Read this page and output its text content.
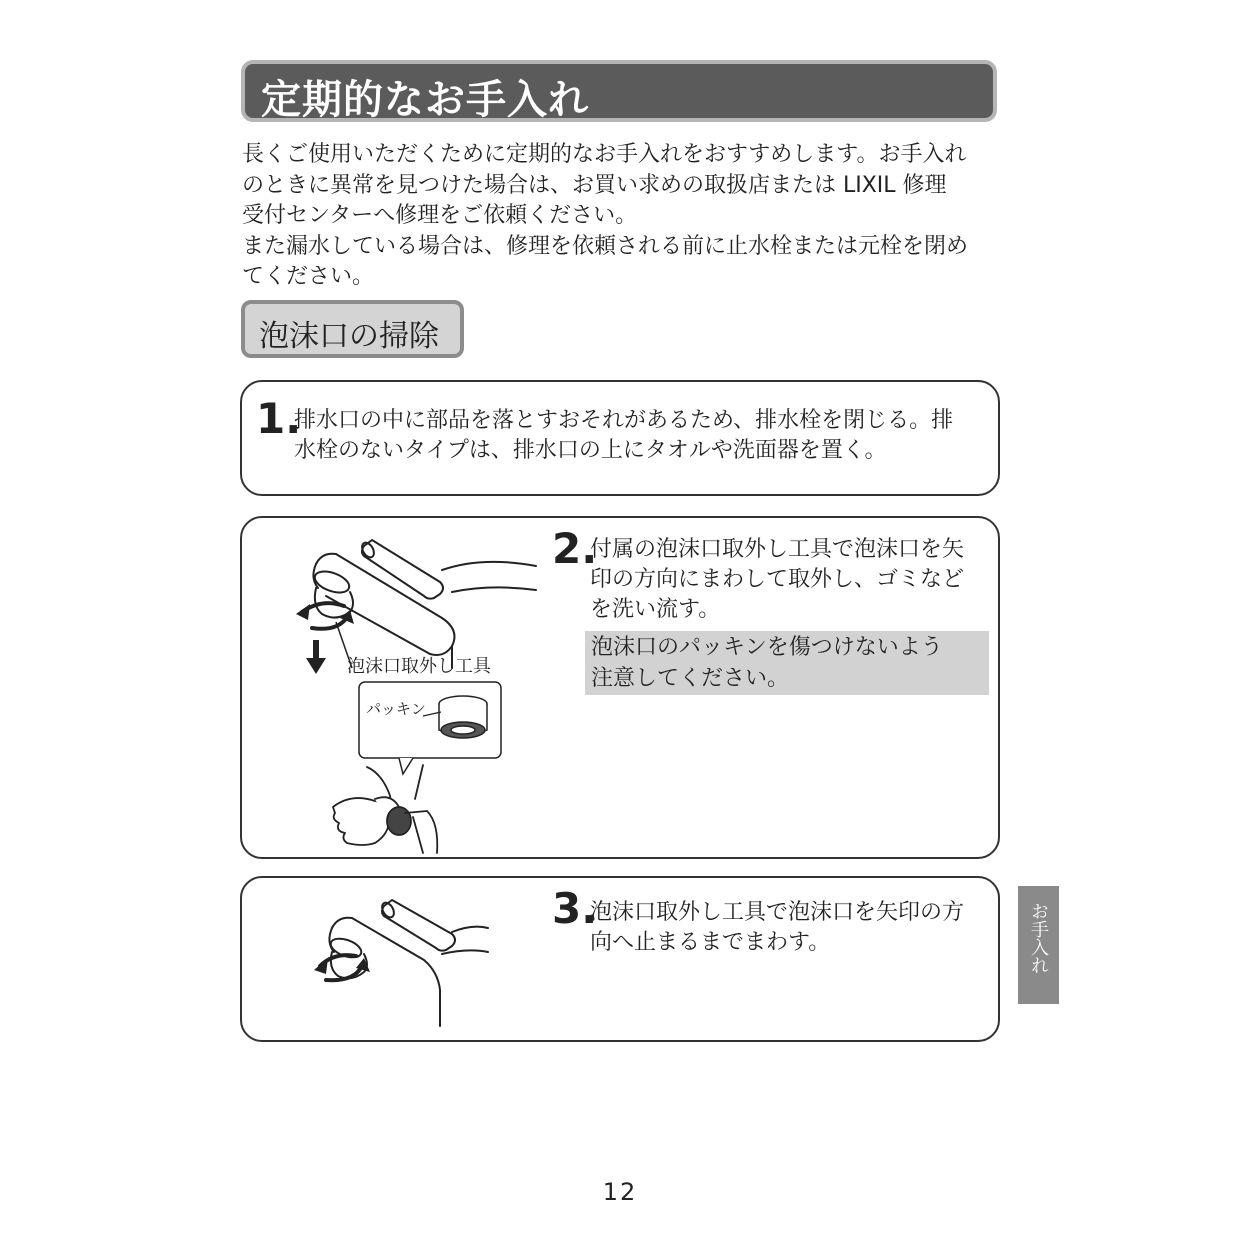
定期的なお手入れ

長くご使用いただくために定期的なお手入れをおすすめします。お手入れ

のときに異常を見つけた場合は、お買い求めの取扱店または LIXIL 修理

受付センターへ修理をご依頼ください。

また漏水している場合は、修理を依頼される前に止水栓または元栓を閉め

てください。

泡沫口の掃除
1.
排水口の中に部品を落とすおそれがあるため、排水栓を閉じる。排
水栓のないタイプは、排水口の上にタオルや洗面器を置く。
2.
付属の泡沫口取外し工具で泡沫口を矢
印の方向にまわして取外し、ゴミなど
を洗い流す。
泡沫口のパッキンを傷つけないよう
注意してください。
泡沫口取外し工具
パッキン
3.
泡沫口取外し工具で泡沫口を矢印の方
向へ止まるまでまわす。	お手入れ
12
